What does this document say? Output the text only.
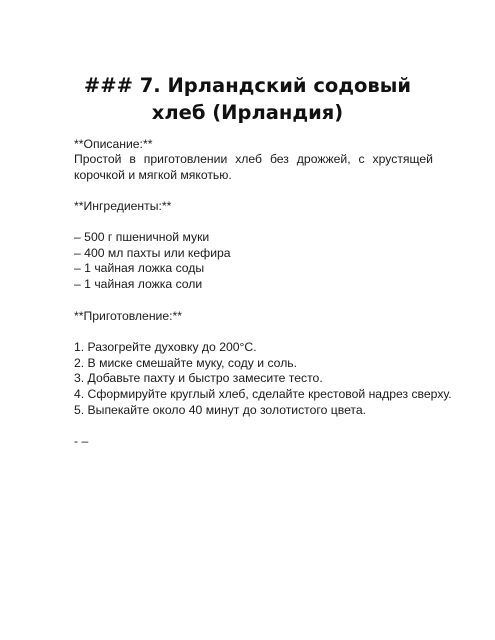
### 7. Ирландский содовый хлеб (Ирландия)

**Описание:**

Простой в приготовлении хлеб без дрожжей, с хрустящей корочкой и мягкой мякотью.

**Ингредиенты:**

– 500 г пшеничной муки
– 400 мл пахты или кефира
– 1 чайная ложка соды
– 1 чайная ложка соли

**Приготовление:**

1. Разогрейте духовку до 200°C.
2. В миске смешайте муку, соду и соль.
3. Добавьте пахту и быстро замесите тесто.
4. Сформируйте круглый хлеб, сделайте крестовой надрез сверху.
5. Выпекайте около 40 минут до золотистого цвета.

- –
